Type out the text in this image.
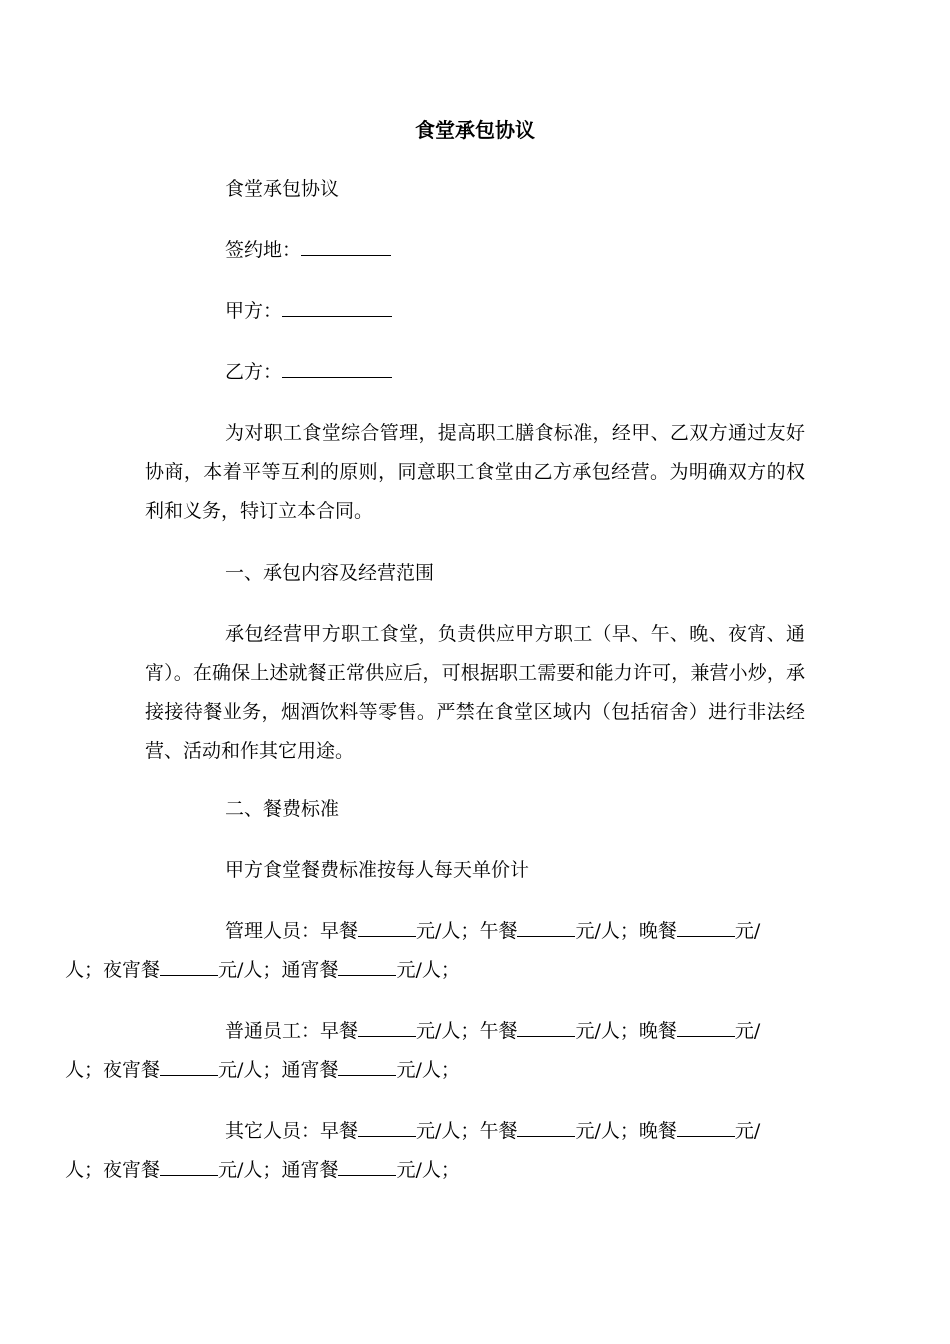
食堂承包协议
食堂承包协议
签约地：
甲方：
乙方：
为对职工食堂综合管理，提高职工膳食标准，经甲、乙双方通过友好协商，本着平等互利的原则，同意职工食堂由乙方承包经营。为明确双方的权利和义务，特订立本合同。
一、承包内容及经营范围
承包经营甲方职工食堂，负责供应甲方职工（早、午、晚、夜宵、通宵）。在确保上述就餐正常供应后，可根据职工需要和能力许可，兼营小炒，承接接待餐业务，烟酒饮料等零售。严禁在食堂区域内（包括宿舍）进行非法经营、活动和作其它用途。
二、餐费标准
甲方食堂餐费标准按每人每天单价计
管理人员：早餐	元/人；午餐	元/人；晚餐	元/
人；夜宵餐	元/人；通宵餐	元/人；
普通员工：早餐	元/人；午餐	元/人；晚餐	元/
人；夜宵餐	元/人；通宵餐	元/人；
其它人员：早餐	元/人；午餐	元/人；晚餐	元/
人；夜宵餐	元/人；通宵餐	元/人；
